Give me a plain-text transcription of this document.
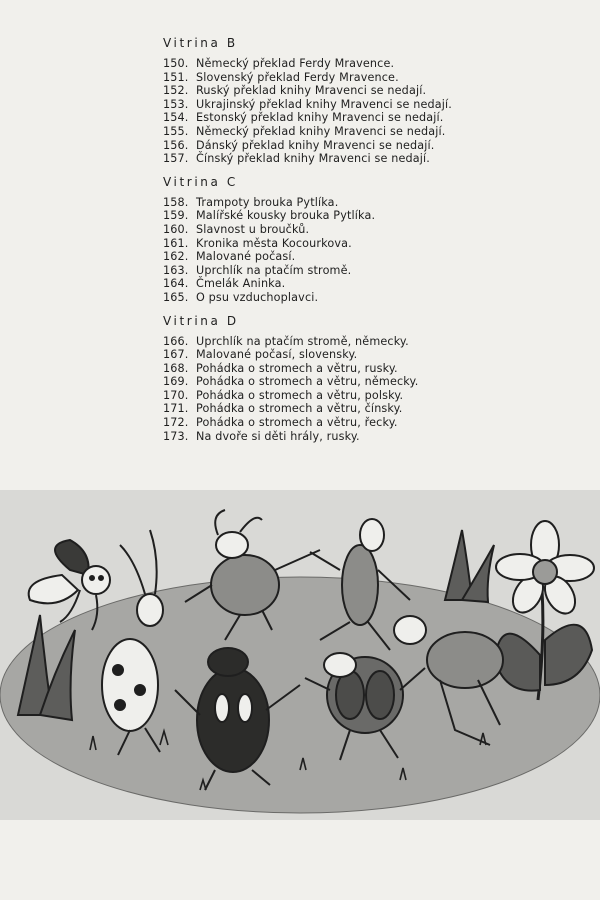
Vitrina B
150. Německý překlad Ferdy Mravence.
151. Slovenský překlad Ferdy Mravence.
152. Ruský překlad knihy Mravenci se nedají.
153. Ukrajinský překlad knihy Mravenci se nedají.
154. Estonský překlad knihy Mravenci se nedají.
155. Německý překlad knihy Mravenci se nedají.
156. Dánský překlad knihy Mravenci se nedají.
157. Čínský překlad knihy Mravenci se nedají.
Vitrina C
158. Trampoty brouka Pytlíka.
159. Malířské kousky brouka Pytlíka.
160. Slavnost u broučků.
161. Kronika města Kocourkova.
162. Malované počasí.
163. Uprchlík na ptačím stromě.
164. Čmelák Aninka.
165. O psu vzduchoplavci.
Vitrina D
166. Uprchlík na ptačím stromě, německy.
167. Malované počasí, slovensky.
168. Pohádka o stromech a větru, rusky.
169. Pohádka o stromech a větru, německy.
170. Pohádka o stromech a větru, polsky.
171. Pohádka o stromech a větru, čínsky.
172. Pohádka o stromech a větru, řecky.
173. Na dvoře si děti hrály, rusky.
